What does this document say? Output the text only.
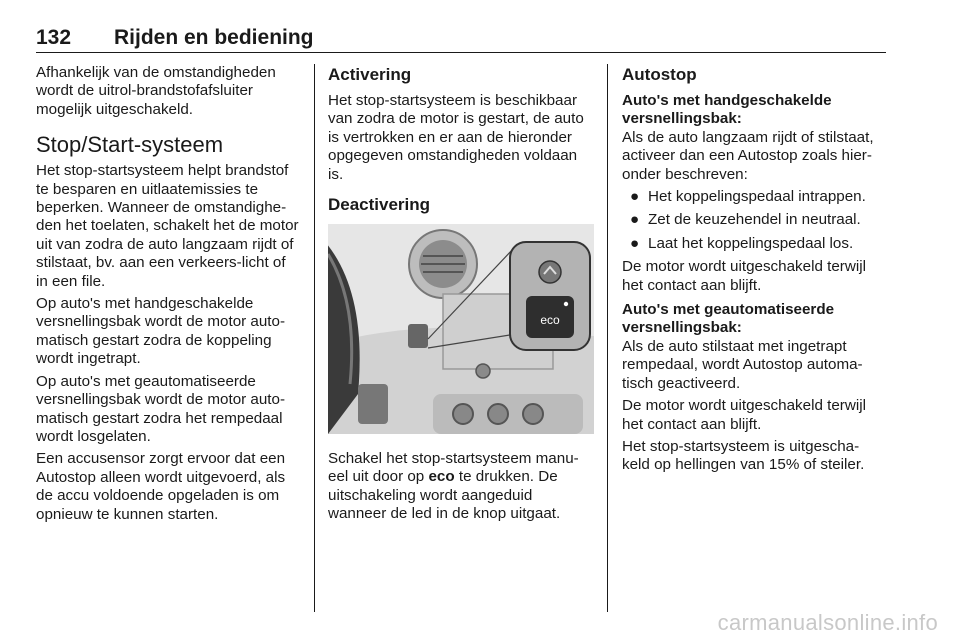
132 Rijden en bediening

Afhankelijk van de omstandigheden wordt de uitrol-brandstofafsluiter mogelijk uitgeschakeld.

Stop/Start-systeem

Het stop-startsysteem helpt brandstof te besparen en uitlaatemissies te beperken. Wanneer de omstandighe-den het toelaten, schakelt het de motor uit van zodra de auto langzaam rijdt of stilstaat, bv. aan een verkeers-licht of in een file.

Op auto's met handgeschakelde versnellingsbak wordt de motor auto-matisch gestart zodra de koppeling wordt ingetrapt.

Op auto's met geautomatiseerde versnellingsbak wordt de motor auto-matisch gestart zodra het rempedaal wordt losgelaten.

Een accusensor zorgt ervoor dat een Autostop alleen wordt uitgevoerd, als de accu voldoende opgeladen is om opnieuw te kunnen starten.

Activering

Het stop-startsysteem is beschikbaar van zodra de motor is gestart, de auto is vertrokken en er aan de hieronder opgegeven omstandigheden voldaan is.

Deactivering
eco

Schakel het stop-startsysteem manu-eel uit door op eco te drukken. De uitschakeling wordt aangeduid wanneer de led in de knop uitgaat.

Autostop
Auto's met handgeschakelde versnellingsbak:

Als de auto langzaam rijdt of stilstaat, activeer dan een Autostop zoals hier-onder beschreven:

● Het koppelingspedaal intrappen.
● Zet de keuzehendel in neutraal.
● Laat het koppelingspedaal los.

De motor wordt uitgeschakeld terwijl het contact aan blijft.

Auto's met geautomatiseerde versnellingsbak:

Als de auto stilstaat met ingetrapt rempedaal, wordt Autostop automa-tisch geactiveerd.

De motor wordt uitgeschakeld terwijl het contact aan blijft.

Het stop-startsysteem is uitgescha-keld op hellingen van 15% of steiler.

carmanualsonline.info
